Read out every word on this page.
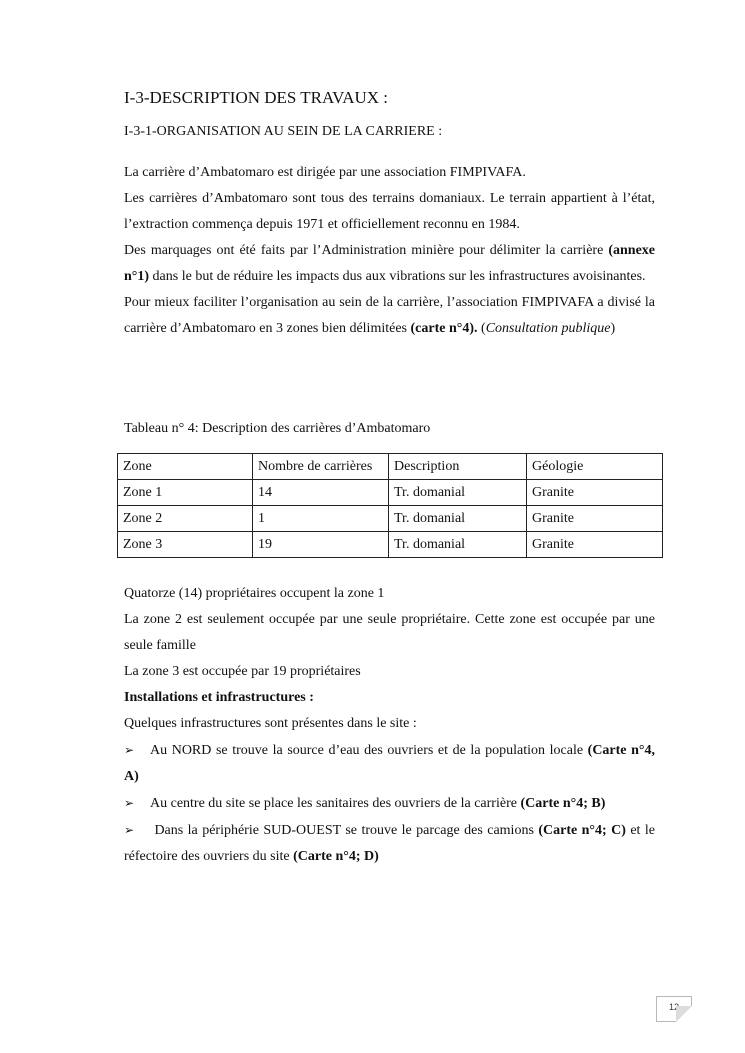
I-3-DESCRIPTION DES TRAVAUX :
I-3-1-ORGANISATION AU SEIN DE LA CARRIERE :

La carrière d’Ambatomaro est dirigée par une association FIMPIVAFA.

Les carrières d’Ambatomaro sont tous des terrains domaniaux. Le terrain appartient à l’état, l’extraction commença depuis 1971 et officiellement reconnu en 1984.

Des marquages ont été faits par l’Administration minière pour délimiter la carrière (annexe n°1) dans le but de réduire les impacts dus aux vibrations sur les infrastructures avoisinantes.

Pour mieux faciliter l’organisation au sein de la carrière, l’association FIMPIVAFA a divisé la carrière d’Ambatomaro en 3 zones bien délimitées (carte n°4). (Consultation publique)

Tableau n° 4: Description des carrières d’Ambatomaro
Zone	Nombre de carrières	Description	Géologie
Zone 1	14	Tr. domanial	Granite
Zone 2	1	Tr. domanial	Granite
Zone 3	19	Tr. domanial	Granite

Quatorze (14) propriétaires occupent la zone 1

La zone 2 est seulement occupée par une seule propriétaire. Cette zone est occupée par une seule famille

La zone 3 est occupée par 19 propriétaires

Installations et infrastructures :

Quelques infrastructures sont présentes dans le site :

➢ Au NORD se trouve la source d’eau des ouvriers et de la population locale (Carte n°4, A)

➢ Au centre du site se place les sanitaires des ouvriers de la carrière (Carte n°4; B)

➢ Dans la périphérie SUD-OUEST se trouve le parcage des camions (Carte n°4; C) et le réfectoire des ouvriers du site (Carte n°4; D)

12
